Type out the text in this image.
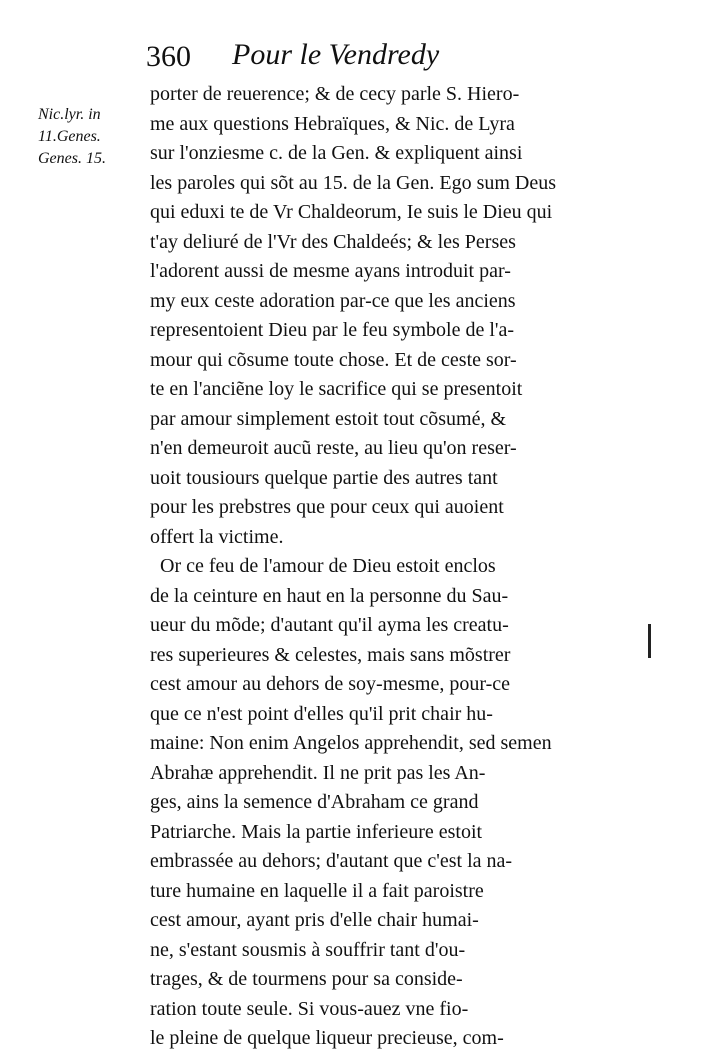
360 Pour le Vendredy
Nic.lyr. in
11.Genes.
Genes. 15.
porter de reuerence; & de cecy parle S. Hiero-
me aux questions Hebraïques, & Nic. de Lyra
sur l'onziesme c. de la Gen. & expliquent ainsi
les paroles qui sõt au 15. de la Gen. Ego sum Deus
qui eduxi te de Vr Chaldeorum, Ie suis le Dieu qui
t'ay deliuré de l'Vr des Chaldeés; & les Perses
l'adorent aussi de mesme ayans introduit par-
my eux ceste adoration par-ce que les anciens
representoient Dieu par le feu symbole de l'a-
mour qui cõsume toute chose. Et de ceste sor-
te en l'anciẽne loy le sacrifice qui se presentoit
par amour simplement estoit tout cõsumé, &
n'en demeuroit aucũ reste, au lieu qu'on reser-
uoit tousiours quelque partie des autres tant
pour les prebstres que pour ceux qui auoient
offert la victime.
Or ce feu de l'amour de Dieu estoit enclos
de la ceinture en haut en la personne du Sau-
ueur du mõde; d'autant qu'il ayma les creatu-
res superieures & celestes, mais sans mõstrer
cest amour au dehors de soy-mesme, pour-ce
que ce n'est point d'elles qu'il prit chair hu-
maine: Non enim Angelos apprehendit, sed semen
Abrahæ apprehendit. Il ne prit pas les An-
ges, ains la semence d'Abraham ce grand
Patriarche. Mais la partie inferieure estoit
embrassée au dehors; d'autant que c'est la na-
ture humaine en laquelle il a fait paroistre
cest amour, ayant pris d'elle chair humai-
ne, s'estant sousmis à souffrir tant d'ou-
trages, & de tourmens pour sa conside-
ration toute seule. Si vous-auez vne fio-
le pleine de quelque liqueur precieuse, com-
